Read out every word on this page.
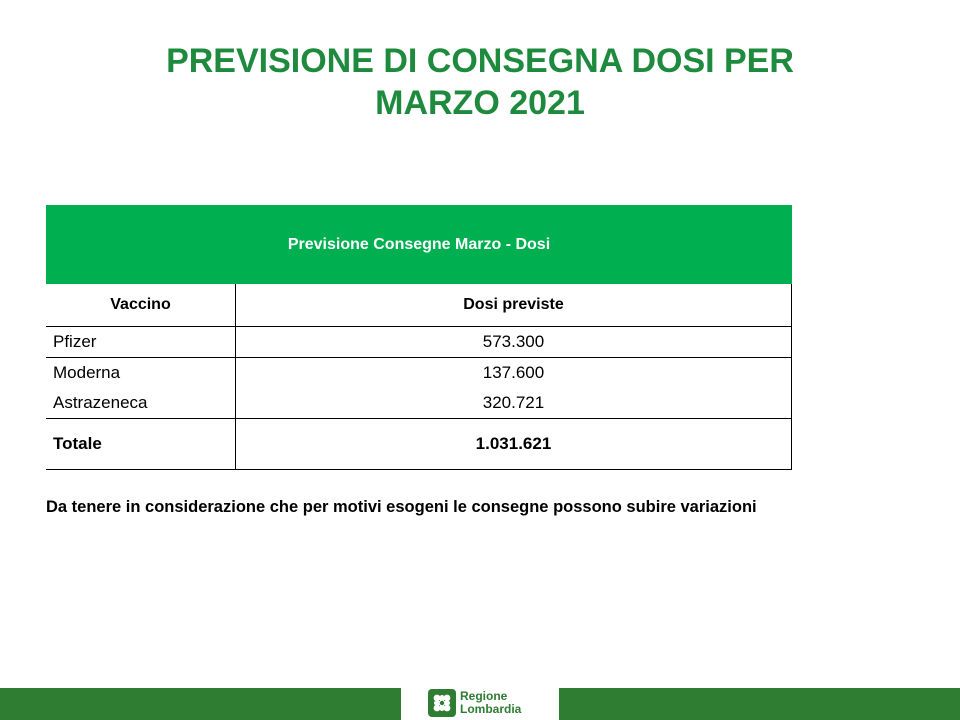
PREVISIONE DI CONSEGNA DOSI PER
MARZO 2021
Previsione Consegne Marzo - Dosi
Vaccino	Dosi previste
Pfizer	573.300
Moderna	137.600
Astrazeneca	320.721
Totale	1.031.621
Da tenere in considerazione che per motivi esogeni le consegne possono subire variazioni
Regione
Lombardia
